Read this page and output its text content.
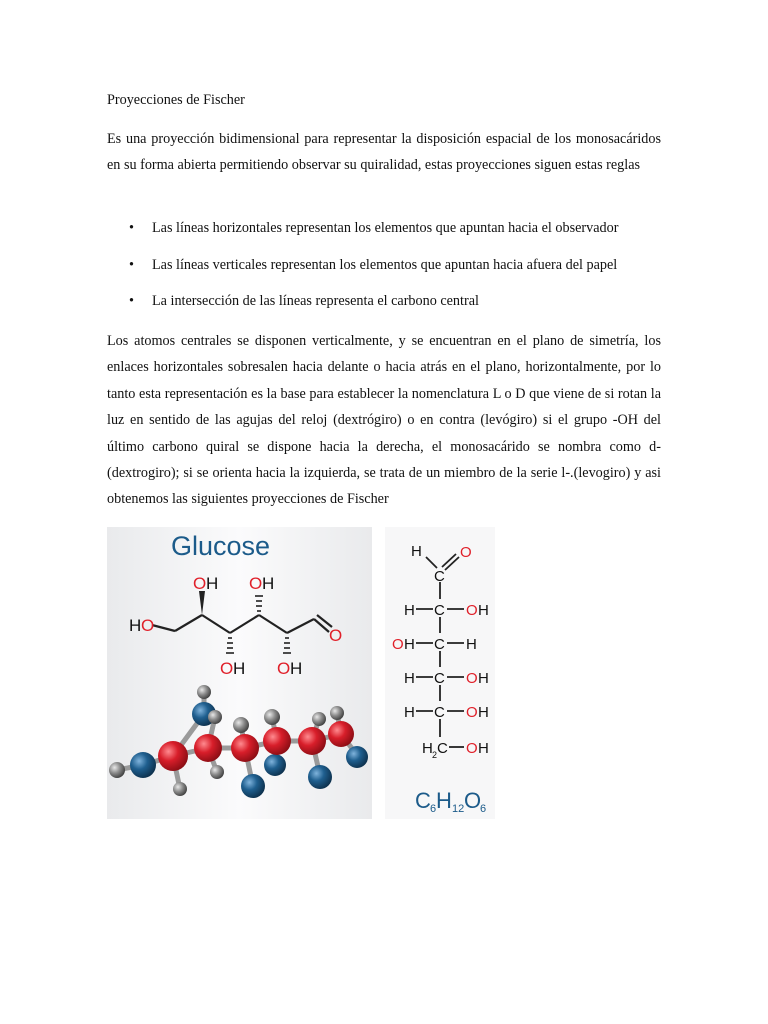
Proyecciones de Fischer

Es una proyección bidimensional para representar la disposición espacial de los monosacáridos en su forma abierta permitiendo observar su quiralidad, estas proyecciones siguen estas reglas

• Las líneas horizontales representan los elementos que apuntan hacia el observador
• Las líneas verticales representan los elementos que apuntan hacia afuera del papel
• La intersección de las líneas representa el carbono central

Los atomos centrales se disponen verticalmente, y se encuentran en el plano de simetría, los enlaces horizontales sobresalen hacia delante o hacia atrás en el plano, horizontalmente, por lo tanto esta representación es la base para establecer la nomenclatura L o D que viene de si rotan la luz en sentido de las agujas del reloj (dextrógiro) o en contra (levógiro) si el grupo -OH del último carbono quiral se dispone hacia la derecha, el monosacárido se nombra como d-(dextrogiro); si se orienta hacia la izquierda, se trata de un miembro de la serie l-.(levogiro) y asi obtenemos las siguientes proyecciones de Fischer

Glucose
H O
O H O H
O H O H
O
H	O
C
H C O H
O H C H
H C O H
H C O H
H 2 C O H
C 6 H 12 O
6
